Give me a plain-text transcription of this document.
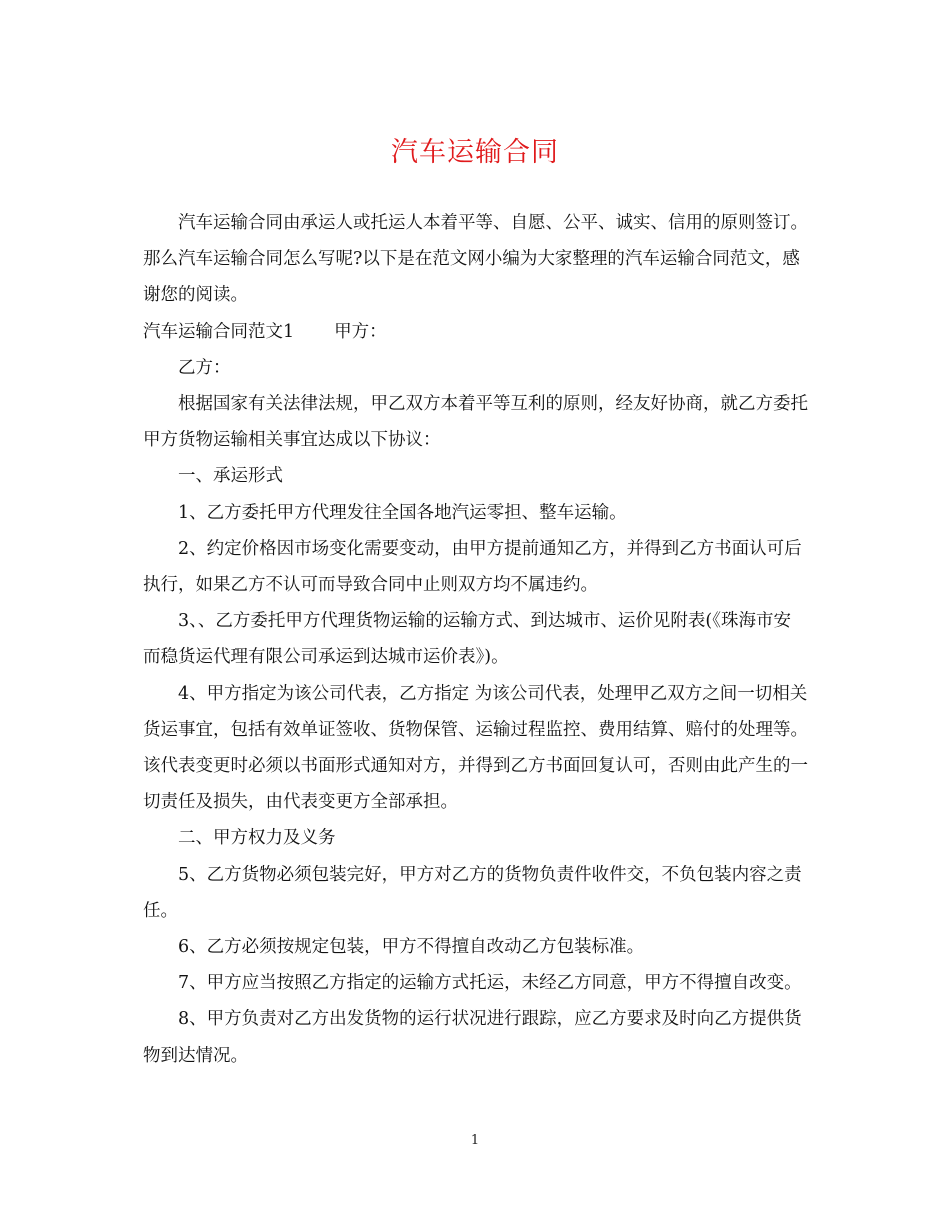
汽车运输合同

汽车运输合同由承运人或托运人本着平等、自愿、公平、诚实、信用的原则签订。那么汽车运输合同怎么写呢?以下是在范文网小编为大家整理的汽车运输合同范文，感谢您的阅读。

汽车运输合同范文1 甲方：

乙方：

根据国家有关法律法规，甲乙双方本着平等互利的原则，经友好协商，就乙方委托甲方货物运输相关事宜达成以下协议：

一、承运形式

1、乙方委托甲方代理发往全国各地汽运零担、整车运输。

2、约定价格因市场变化需要变动，由甲方提前通知乙方，并得到乙方书面认可后执行，如果乙方不认可而导致合同中止则双方均不属违约。

3、、乙方委托甲方代理货物运输的运输方式、到达城市、运价见附表(《珠海市安而稳货运代理有限公司承运到达城市运价表》)。

4、甲方指定为该公司代表，乙方指定 为该公司代表，处理甲乙双方之间一切相关货运事宜，包括有效单证签收、货物保管、运输过程监控、费用结算、赔付的处理等。该代表变更时必须以书面形式通知对方，并得到乙方书面回复认可，否则由此产生的一切责任及损失，由代表变更方全部承担。

二、甲方权力及义务

5、乙方货物必须包装完好，甲方对乙方的货物负责件收件交，不负包装内容之责任。

6、乙方必须按规定包装，甲方不得擅自改动乙方包装标准。

7、甲方应当按照乙方指定的运输方式托运，未经乙方同意，甲方不得擅自改变。

8、甲方负责对乙方出发货物的运行状况进行跟踪，应乙方要求及时向乙方提供货物到达情况。

1
